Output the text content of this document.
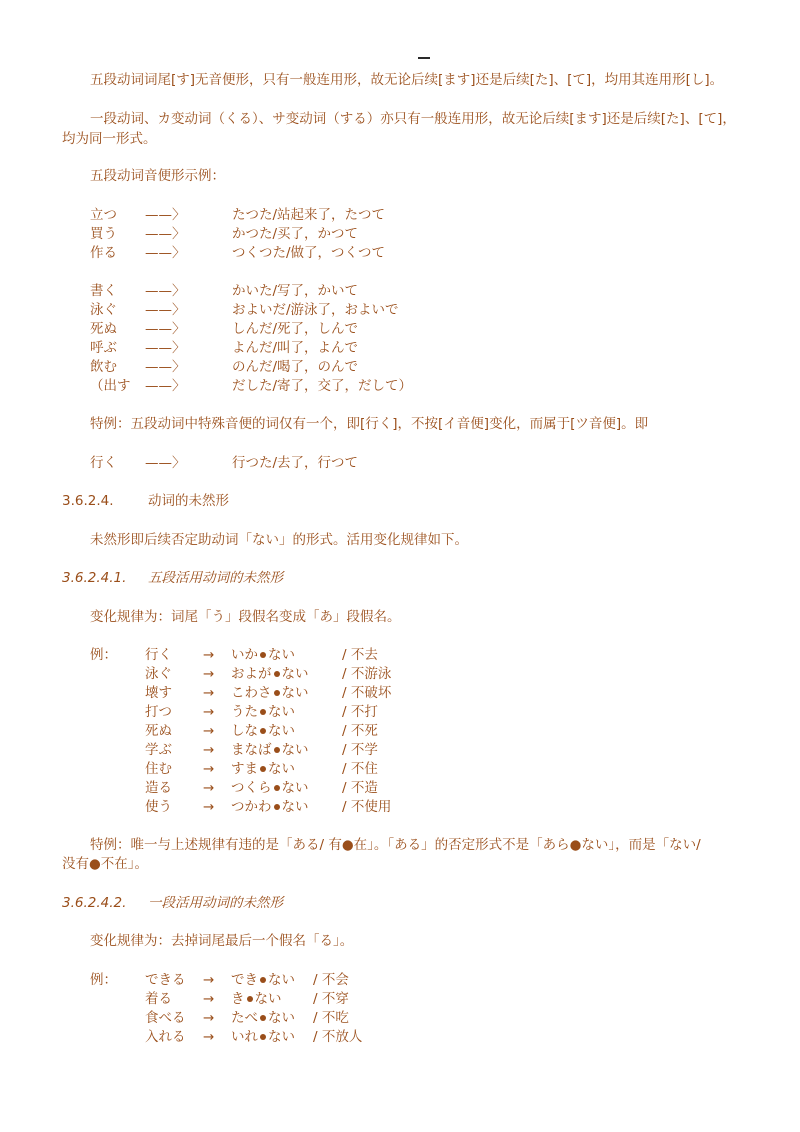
五段动词词尾[す]无音便形，只有一般连用形，故无论后续[ます]还是后续[た]、[て]，均用其连用形[し]。
一段动词、カ变动词（くる）、サ变动词（する）亦只有一般连用形，故无论后续[ます]还是后续[た]、[て]，
均为同一形式。
五段动词音便形示例：
立つ ——〉	たつた/站起来了，たつて
買う ——〉	かつた/买了，かつて
作る ——〉	つくつた/做了，つくつて
書く ——〉	かいた/写了，かいて
泳ぐ ——〉	およいだ/游泳了，およいで
死ぬ ——〉	しんだ/死了，しんで
呼ぶ ——〉	よんだ/叫了，よんで
飲む ——〉	のんだ/喝了，のんで
（出す ——〉	だした/寄了，交了，だして）
特例：五段动词中特殊音便的词仅有一个，即[行く]，不按[イ音便]变化，而属于[ツ音便]。即
行く ——〉	行つた/去了，行つて
3.6.2.4.	动词的未然形
未然形即后续否定助动词「ない」的形式。活用变化规律如下。
3.6.2.4.1. 五段活用动词的未然形
变化规律为：词尾「う」段假名变成「あ」段假名。
例： 行く → いか ない	/ 不去
泳ぐ → およが ない / 不游泳
壊す → こわさ ない / 不破坏
打つ → うた ない	/ 不打
死ぬ → しな ない	/ 不死
学ぶ → まなば ない / 不学
住む → すま ない	/ 不住
造る → つくら ない / 不造
使う → つかわ ない / 不使用
特例：唯一与上述规律有违的是「ある/ 有●在」。「ある」的否定形式不是「あら●ない」，而是「ない/
没有●不在」。
3.6.2.4.2. 一段活用动词的未然形
变化规律为：去掉词尾最后一个假名「る」。
例： できる → でき ない / 不会
着る → き ない / 不穿
食べる → たべ ない / 不吃
入れる → いれ ない / 不放人
